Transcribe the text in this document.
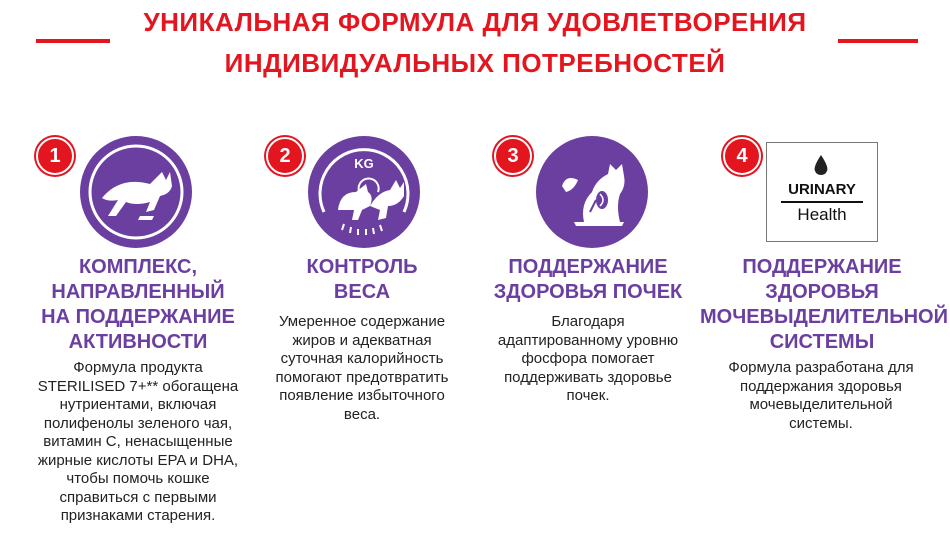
УНИКАЛЬНАЯ ФОРМУЛА ДЛЯ УДОВЛЕТВОРЕНИЯ
ИНДИВИДУАЛЬНЫХ ПОТРЕБНОСТЕЙ
1
КОМПЛЕКС,
НАПРАВЛЕННЫЙ
НА ПОДДЕРЖАНИЕ
АКТИВНОСТИ
Формула продукта
STERILISED 7+** обогащена
нутриентами, включая
полифенолы зеленого чая,
витамин С, ненасыщенные
жирные кислоты EPA и DHA,
чтобы помочь кошке
справиться с первыми
признаками старения.
2	KG
КОНТРОЛЬ
ВЕСА
Умеренное содержание
жиров и адекватная
суточная калорийность
помогают предотвратить
появление избыточного
веса.
3
ПОДДЕРЖАНИЕ
ЗДОРОВЬЯ ПОЧЕК
Благодаря
адаптированному уровню
фосфора помогает
поддерживать здоровье
почек.
4
URINARY
Health
ПОДДЕРЖАНИЕ
ЗДОРОВЬЯ
МОЧЕВЫДЕЛИТЕЛЬНОЙ
СИСТЕМЫ
Формула разработана для
поддержания здоровья
мочевыделительной
системы.
